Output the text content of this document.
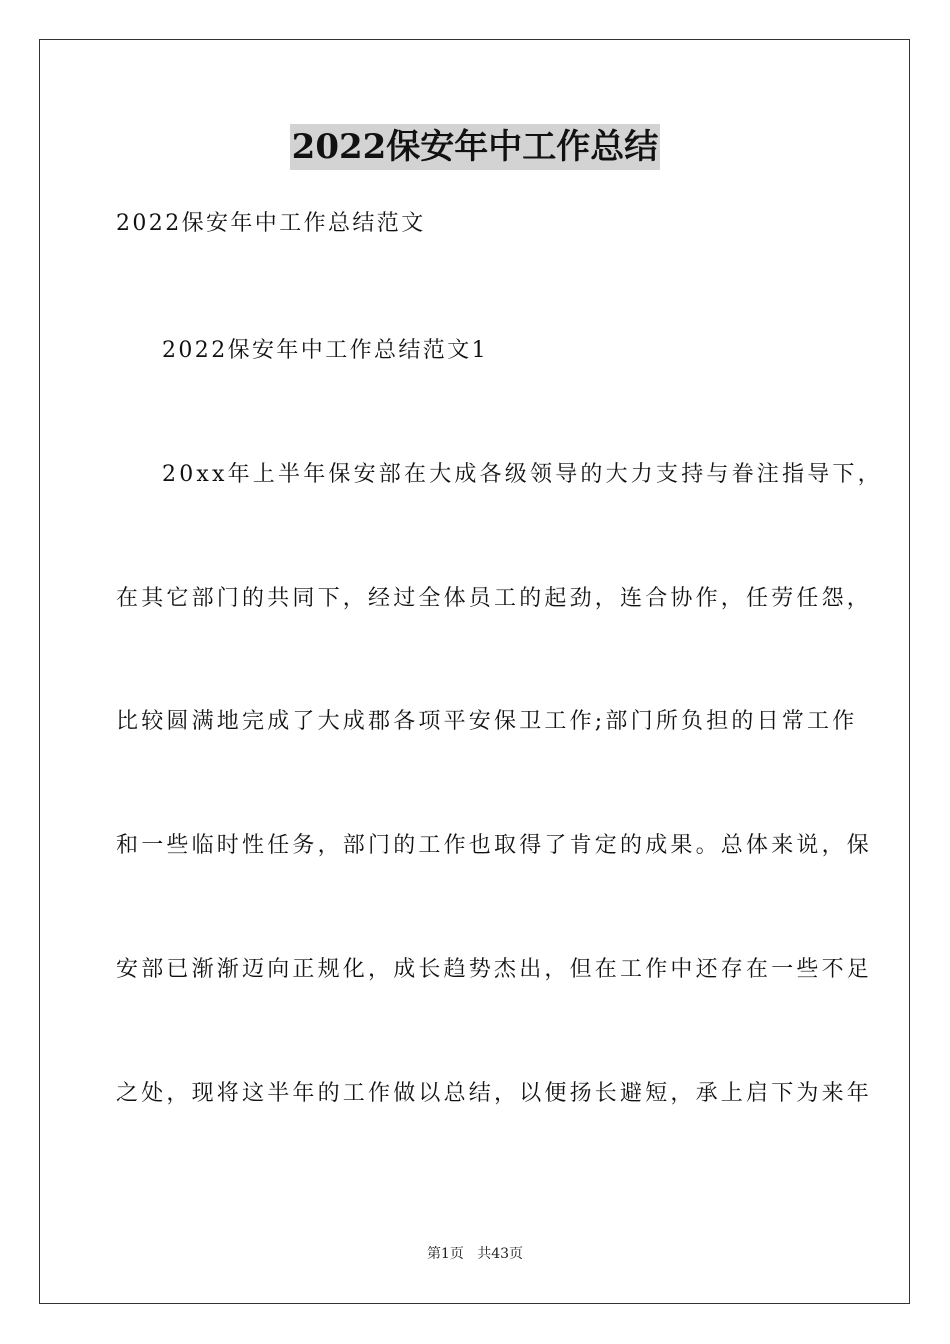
2022保安年中工作总结
2022保安年中工作总结范文
2022保安年中工作总结范文1
20xx年上半年保安部在大成各级领导的大力支持与眷注指导下，
在其它部门的共同下，经过全体员工的起劲，连合协作，任劳任怨，
比较圆满地完成了大成郡各项平安保卫工作;部门所负担的日常工作
和一些临时性任务，部门的工作也取得了肯定的成果。总体来说，保
安部已渐渐迈向正规化，成长趋势杰出，但在工作中还存在一些不足
之处，现将这半年的工作做以总结，以便扬长避短，承上启下为来年
第1页 共43页
